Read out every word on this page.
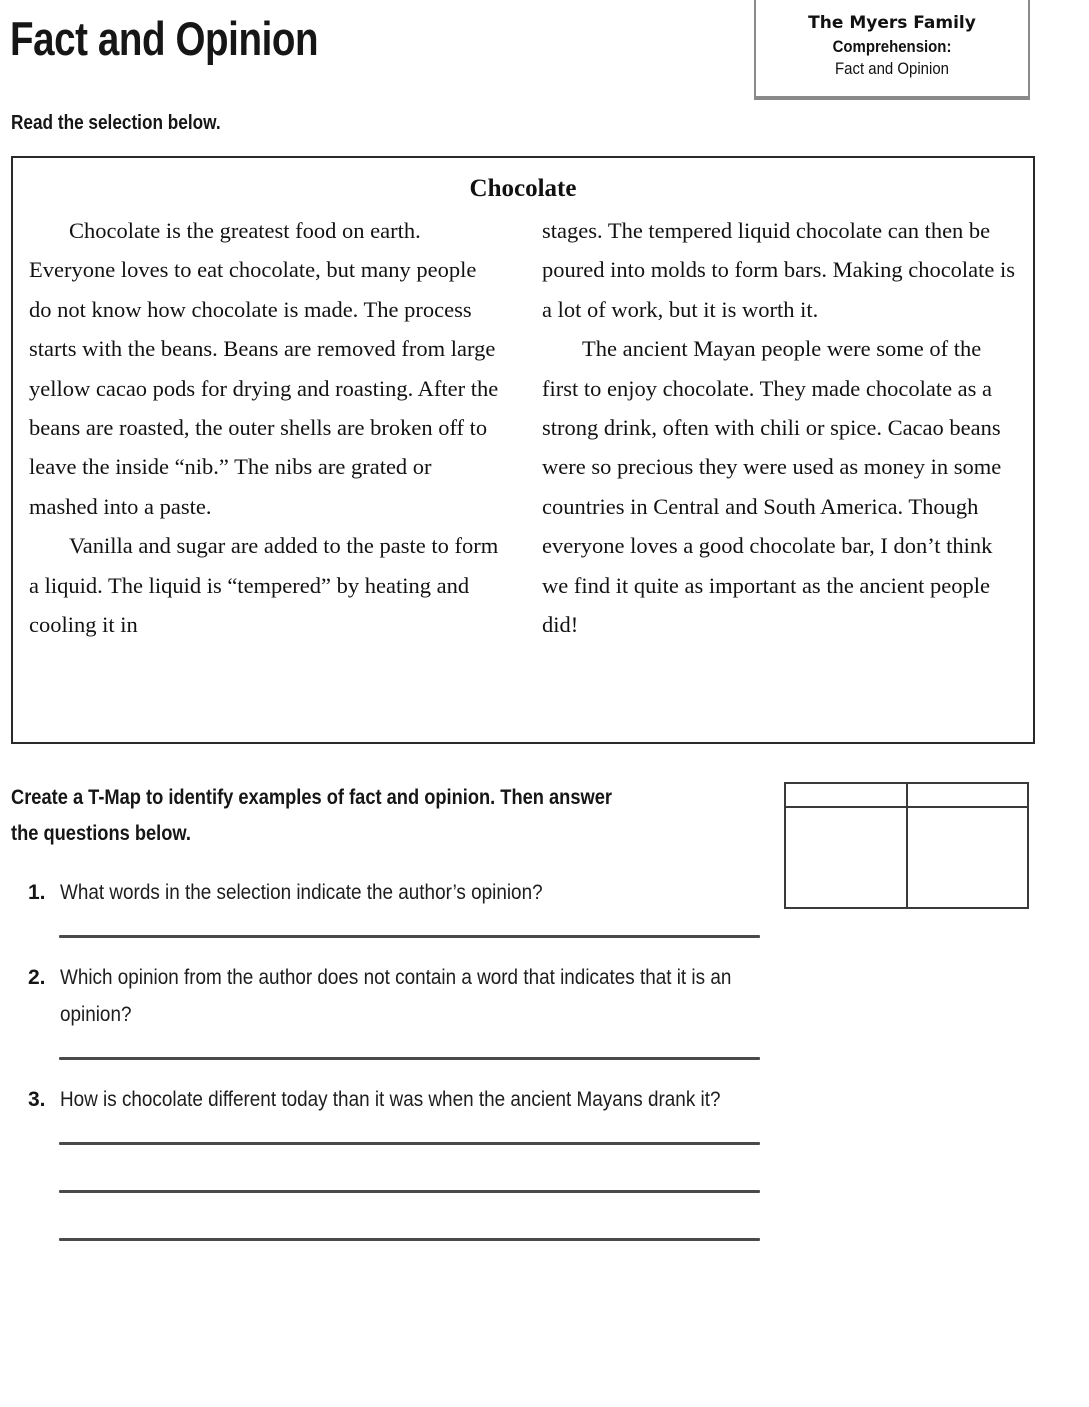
Fact and Opinion
Read the selection below.
The Myers Family
Comprehension:
Fact and Opinion
Chocolate

Chocolate is the greatest food on earth. Everyone loves to eat chocolate, but many people do not know how chocolate is made. The process starts with the beans. Beans are removed from large yellow cacao pods for drying and roasting. After the beans are roasted, the outer shells are broken off to leave the inside “nib.” The nibs are grated or mashed into a paste.

Vanilla and sugar are added to the paste to form a liquid. The liquid is “tempered” by heating and cooling it in

stages. The tempered liquid chocolate can then be poured into molds to form bars. Making chocolate is a lot of work, but it is worth it.

The ancient Mayan people were some of the first to enjoy chocolate. They made chocolate as a strong drink, often with chili or spice. Cacao beans were so precious they were used as money in some countries in Central and South America. Though everyone loves a good chocolate bar, I don’t think we find it quite as important as the ancient people did!

Create a T-Map to identify examples of fact and opinion. Then answer the questions below.

1. What words in the selection indicate the author’s opinion?
2. Which opinion from the author does not contain a word that indicates that it is an opinion?
3. How is chocolate different today than it was when the ancient Mayans drank it?
